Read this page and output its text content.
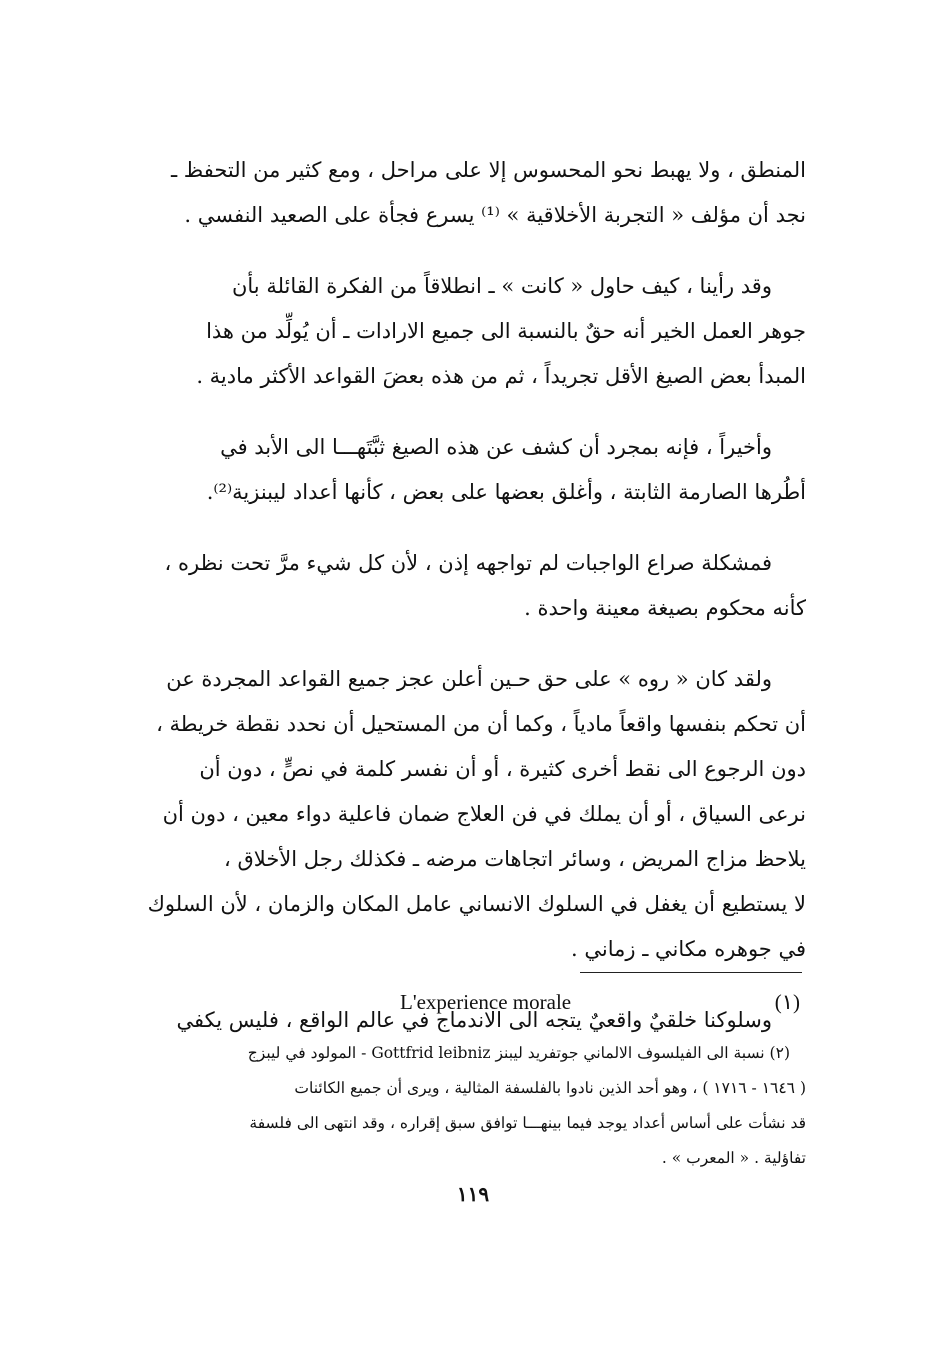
المنطق ، ولا يهبط نحو المحسوس إلا على مراحل ، ومع كثير من التحفظ ـ
نجد أن مؤلف « التجربة الأخلاقية » ⁽¹⁾ يسرع فجأة على الصعيد النفسي .

وقد رأينا ، كيف حاول « كانت » ـ انطلاقاً من الفكرة القائلة بأن
جوهر العمل الخير أنه حقٌ بالنسبة الى جميع الارادات ـ أن يُولِّد من هذا
المبدأ بعض الصيغ الأقل تجريداً ، ثم من هذه بعضَ القواعد الأكثر مادية .

وأخيراً ، فإنه بمجرد أن كشف عن هذه الصيغ ثبَّتَهـــا الى الأبد في
أطُرها الصارمة الثابتة ، وأغلق بعضها على بعض ، كأنها أعداد ليبنزية⁽²⁾.

فمشكلة صراع الواجبات لم تواجهه إذن ، لأن كل شيء مرَّ تحت نظره ،
كأنه محكوم بصيغة معينة واحدة .

ولقد كان « روه » على حق حـين أعلن عجز جميع القواعد المجردة عن
أن تحكم بنفسها واقعاً مادياً ، وكما أن من المستحيل أن نحدد نقطة خريطة ،
دون الرجوع الى نقط أخرى كثيرة ، أو أن نفسر كلمة في نصٍّ ، دون أن
نرعى السياق ، أو أن يملك في فن العلاج ضمان فاعلية دواء معين ، دون أن
يلاحظ مزاج المريض ، وسائر اتجاهات مرضه ـ فكذلك رجل الأخلاق ،
لا يستطيع أن يغفل في السلوك الانساني عامل المكان والزمان ، لأن السلوك
في جوهره مكاني ـ زماني .

وسلوكنا خلقيٌ واقعيٌ يتجه الى الاندماج في عالم الواقع ، فليس يكفي

L'experience morale	(١)
(٢) نسبة الى الفيلسوف الالماني جوتفريد ليبنز Gottfrid leibniz - المولود في ليبزج
( ١٦٤٦ - ١٧١٦ ) ، وهو أحد الذين نادوا بالفلسفة المثالية ، ويرى أن جميع الكائنات
قد نشأت على أساس أعداد يوجد فيما بينهـــا توافق سبق إقراره ، وقد انتهى الى فلسفة
تفاؤلية . « المعرب » .
١١٩
